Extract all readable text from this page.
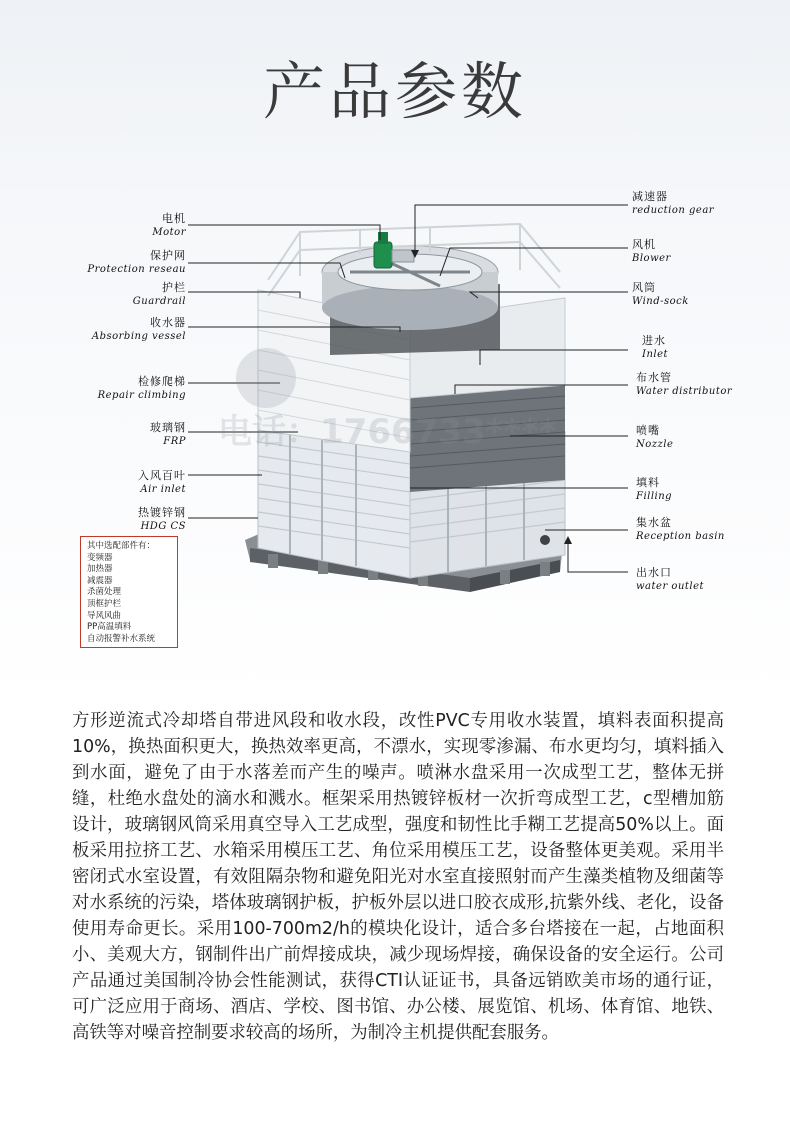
产品参数
电话：1766733****
电机
Motor
保护网
Protection reseau
护栏
Guardrail
收水器
Absorbing vessel
检修爬梯
Repair climbing
玻璃钢
FRP
入风百叶
Air inlet
热镀锌钢
HDG CS
减速器
reduction gear
风机
Blower
风筒
Wind-sock
进水
Inlet
布水管
Water distributor
喷嘴
Nozzle
填料
Filling
集水盆
Reception basin
出水口
water outlet
其中选配部件有：
变频器
加热器
减震器
杀菌处理
顶框护栏
导风风曲
PP高温填料
自动报警补水系统
方形逆流式冷却塔自带进风段和收水段，改性PVC专用收水装置，填料表面积提高10%，换热面积更大，换热效率更高，不漂水，实现零渗漏、布水更均匀，填料插入到水面，避免了由于水落差而产生的噪声。喷淋水盘采用一次成型工艺，整体无拼缝，杜绝水盘处的滴水和溅水。框架采用热镀锌板材一次折弯成型工艺，c型槽加筋设计，玻璃钢风筒采用真空导入工艺成型，强度和韧性比手糊工艺提高50%以上。面板采用拉挤工艺、水箱采用模压工艺、角位采用模压工艺，设备整体更美观。采用半密闭式水室设置，有效阻隔杂物和避免阳光对水室直接照射而产生藻类植物及细菌等对水系统的污染，塔体玻璃钢护板，护板外层以进口胶衣成形,抗紫外线、老化，设备使用寿命更长。采用100-700m2/h的模块化设计，适合多台塔接在一起，占地面积小、美观大方，钢制件出广前焊接成块，减少现场焊接，确保设备的安全运行。公司产品通过美国制冷协会性能测试，获得CTI认证证书，具备远销欧美市场的通行证，可广泛应用于商场、酒店、学校、图书馆、办公楼、展览馆、机场、体育馆、地铁、高铁等对噪音控制要求较高的场所，为制冷主机提供配套服务。
